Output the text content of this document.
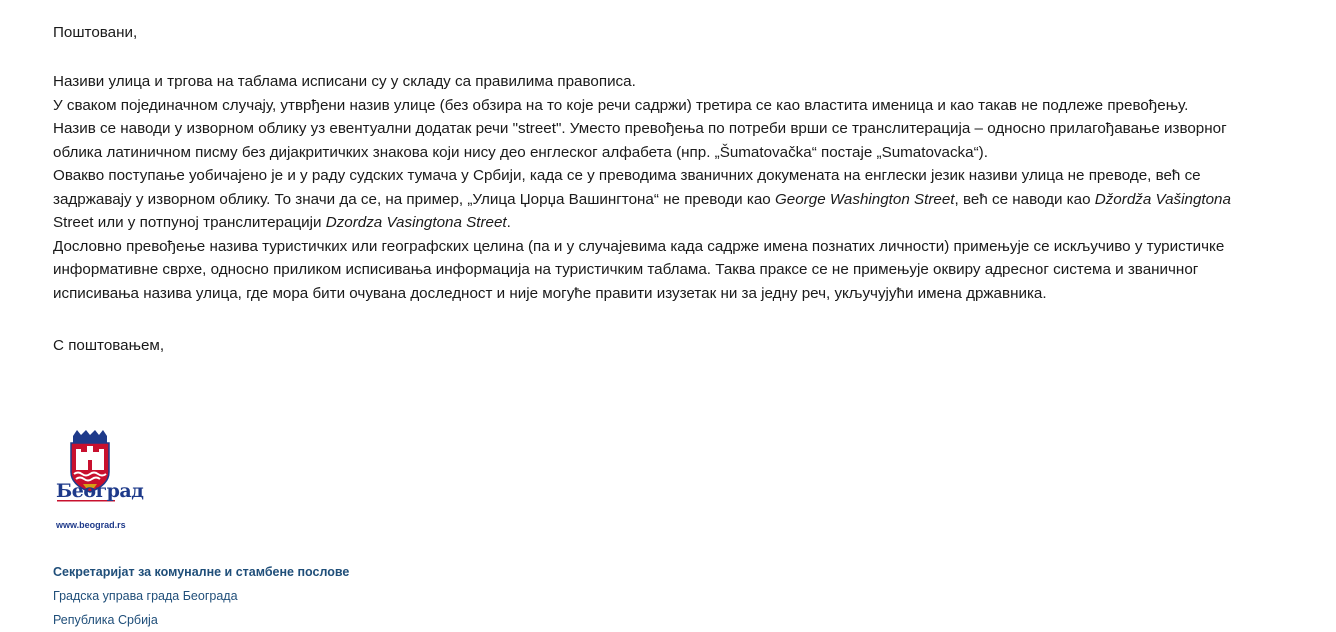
Поштовани,

Називи улица и тргова на таблама исписани су у складу са правилима правописа.

У сваком појединачном случају, утврђени назив улице (без обзира на то које речи садржи) третира се као властита именица и као такав не подлеже превођењу.

Назив се наводи у изворном облику уз евентуални додатак речи "street". Уместо превођења по потреби врши се транслитерација – односно прилагођавање изворног облика латиничном писму без дијакритичких знакова који нису део енглеског алфабета (нпр. „Šumatovačka“ постаје „Sumatovacka“).

Овакво поступање уобичајено је и у раду судских тумача у Србији, када се у преводима званичних докумената на енглески језик називи улица не преводе, већ се задржавају у изворном облику. То значи да се, на пример, „Улица Џорџа Вашингтона“ не преводи као George Washington Street, већ се наводи као Džordža Vašingtona Street или у потпуној транслитерацији Dzordza Vasingtona Street.

Дословно превођење назива туристичких или географских целина (па и у случајевима када садрже имена познатих личности) примењује се искључиво у туристичке информативне сврхе, односно приликом исписивања информација на туристичким таблама. Таква праксе се не примењује оквиру адресног система и званичног исписивања назива улица, где мора бити очувана доследност и није могуће правити изузетак ни за једну реч, укључујући имена државника.

С поштовањем,
Београд
www.beograd.rs
Секретаријат за комуналне и стамбене послове
Градска управа града Београда
Република Србија
